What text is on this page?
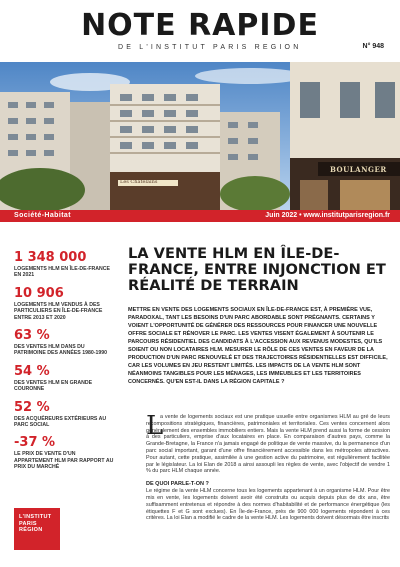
NOTE RAPIDE
DE L'INSTITUT PARIS REGION	N° 948
Les Châtelains
BOULANGER
Société-Habitat	Juin 2022 • www.institutparisregion.fr
1 348 000
LOGEMENTS HLM EN ÎLE-DE-FRANCE EN 2021
10 906
LOGEMENTS HLM VENDUS À DES PARTICULIERS EN ÎLE-DE-FRANCE ENTRE 2013 ET 2020
63 %
DES VENTES HLM DANS DU PATRIMOINE DES ANNÉES 1980-1990
54 %
DES VENTES HLM EN GRANDE COURONNE
52 %
DES ACQUÉREURS EXTÉRIEURS AU PARC SOCIAL
-37 %
LE PRIX DE VENTE D'UN APPARTEMENT HLM PAR RAPPORT AU PRIX DU MARCHÉ
L'INSTITUT
PARIS
RÉGION
LA VENTE HLM EN ÎLE-DE-FRANCE, ENTRE INJONCTION ET RÉALITÉ DE TERRAIN

METTRE EN VENTE DES LOGEMENTS SOCIAUX EN ÎLE-DE-FRANCE EST, À PREMIÈRE VUE, PARADOXAL, TANT LES BESOINS D'UN PARC ABORDABLE SONT PRÉGNANTS. CERTAINS Y VOIENT L'OPPORTUNITÉ DE GÉNÉRER DES RESSOURCES POUR FINANCER UNE NOUVELLE OFFRE SOCIALE ET RÉNOVER LE PARC. LES VENTES VISENT ÉGALEMENT À SOUTENIR LE PARCOURS RÉSIDENTIEL DES CANDIDATS À L'ACCESSION AUX REVENUS MODESTES, QU'ILS SOIENT OU NON LOCATAIRES HLM. MESURER LE RÔLE DE CES VENTES EN FAVEUR DE LA PRODUCTION D'UN PARC RENOUVELÉ ET DES TRAJECTOIRES RÉSIDENTIELLES EST DIFFICILE, CAR LES VOLUMES EN JEU RESTENT LIMITÉS. LES IMPACTS DE LA VENTE HLM SONT NÉANMOINS TANGIBLES POUR LES MÉNAGES, LES IMMEUBLES ET LES TERRITOIRES CONCERNÉS. QU'EN EST-IL DANS LA RÉGION CAPITALE ?

L

a vente de logements sociaux est une pratique usuelle entre organismes HLM au gré de leurs recompositions stratégiques, financières, patrimoniales et territoriales. Ces ventes concernent alors généralement des ensembles immobiliers entiers. Mais la vente HLM prend aussi la forme de cession à des particuliers, emprise d'aux locataires en place. En comparaison d'autres pays, comme la Grande-Bretagne, la France n'a jamais engagé de politique de vente massive, du la permanence d'un parc social important, garant d'une offre financièrement accessible dans les métropoles attractives. Pour autant, cette pratique, assimilée à une gestion active du patrimoine, est régulièrement facilitée par le législateur. La loi Elan de 2018 a ainsi assoupli les règles de vente, avec l'objectif de vendre 1 % du parc HLM chaque année.

DE QUOI PARLE-T-ON ?

Le régime de la vente HLM concerne tous les logements appartenant à un organisme HLM. Pour être mis en vente, les logements doivent avoir été construits ou acquis depuis plus de dix ans, être suffisamment entretenus et répondre à des normes d'habitabilité et de performance énergétique (les étiquettes F et G sont exclues). En Île-de-France, près de 900 000 logements répondent à ces critères. La loi Elan a modifié le cadre de la vente HLM. Les logements doivent désormais être inscrits
